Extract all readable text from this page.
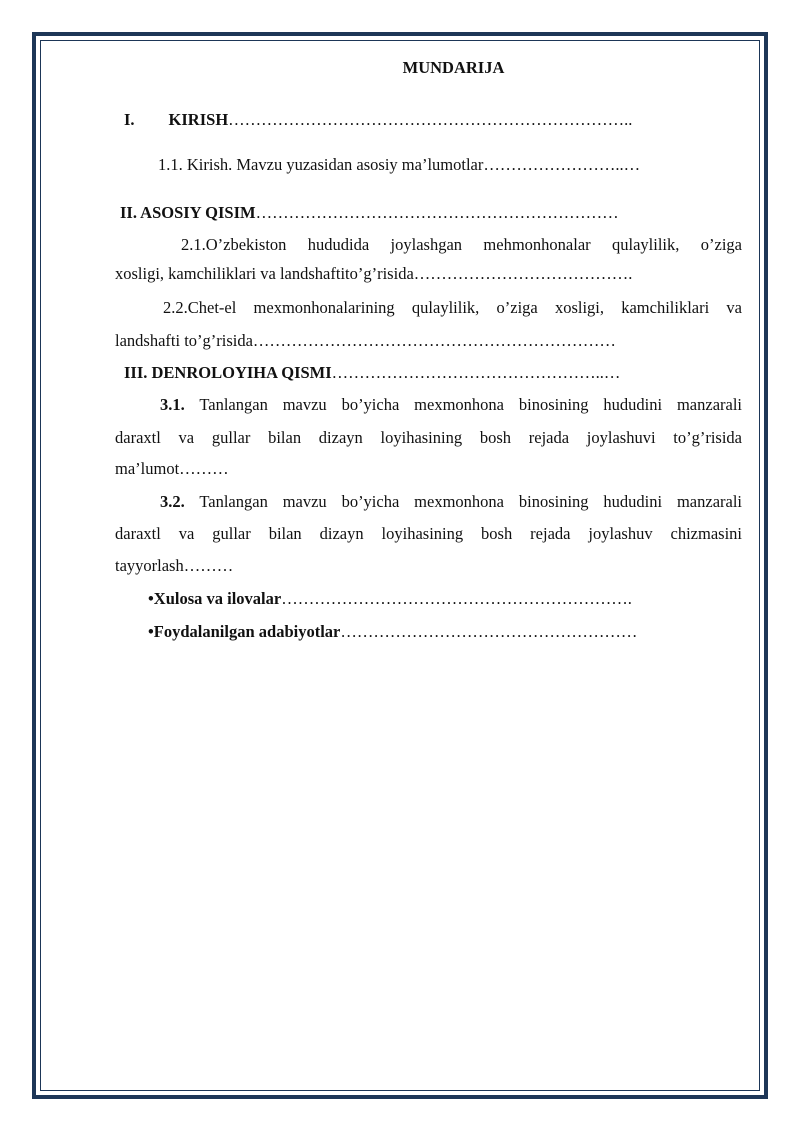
MUNDARIJA
I. KIRISH………………………………………………………………..
1.1. Kirish. Mavzu yuzasidan asosiy ma’lumotlar……………………..…
II. ASOSIY QISIM…………………………………………………………
2.1.O’zbekiston hududida joylashgan mehmonhonalar qulaylilik, o’ziga
xosligi, kamchiliklari va landshaftito’g’risida………………………………….
2.2.Chet-el mexmonhonalarining qulaylilik, o’ziga xosligi, kamchiliklari va
landshafti to’g’risida…………………………………………………………
III. DENROLOYIHA QISMI…………………………………………..…
3.1. Tanlangan mavzu bo’yicha mexmonhona binosining hududini manzarali
daraxtl va gullar bilan dizayn loyihasining bosh rejada joylashuvi to’g’risida
ma’lumot………
3.2. Tanlangan mavzu bo’yicha mexmonhona binosining hududini manzarali
daraxtl va gullar bilan dizayn loyihasining bosh rejada joylashuv chizmasini
tayyorlash………
•Xulosa va ilovalar……………………………………………………….
•Foydalanilgan adabiyotlar………………………………………………
